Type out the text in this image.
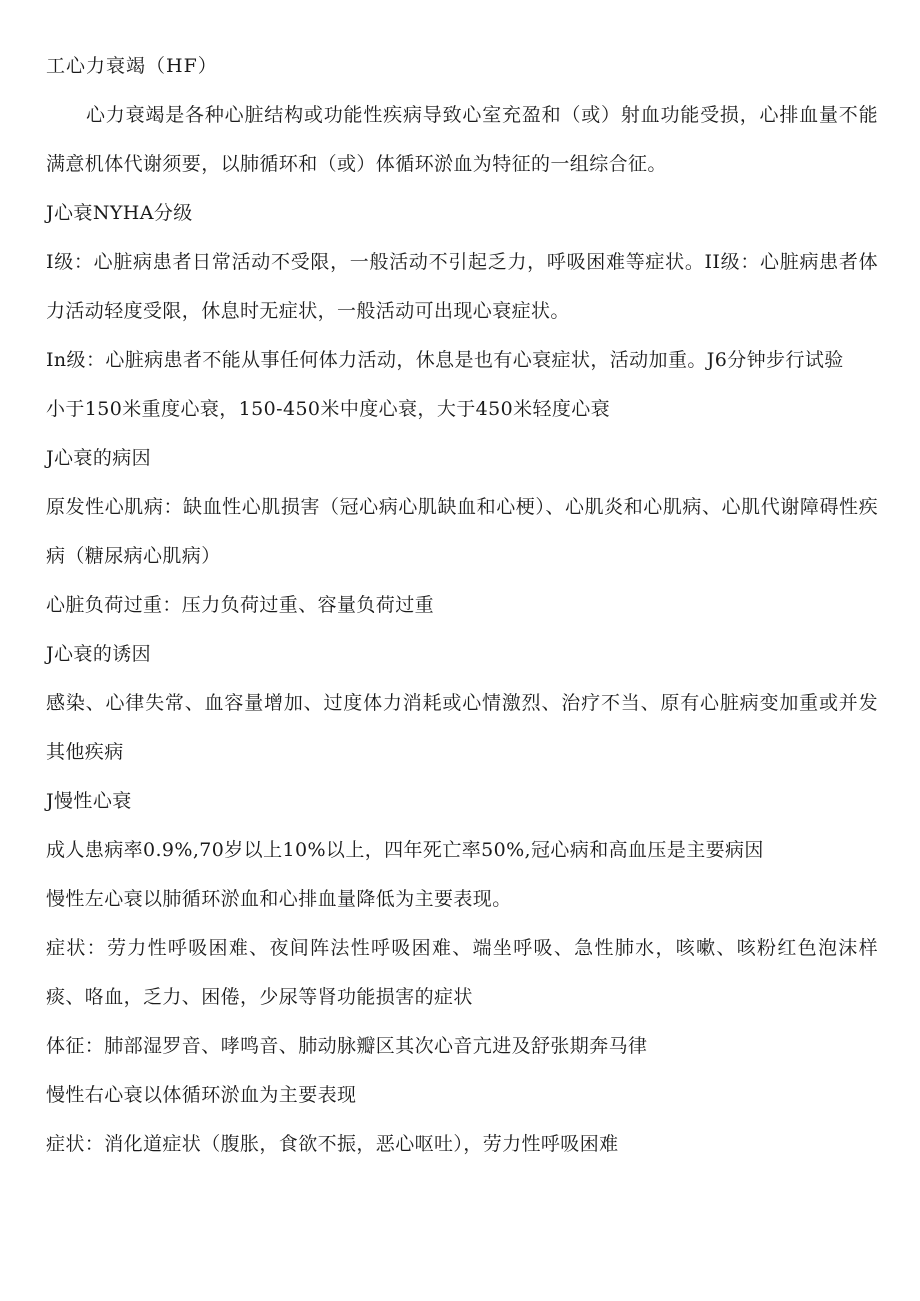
工心力衰竭（HF）

心力衰竭是各种心脏结构或功能性疾病导致心室充盈和（或）射血功能受损，心排血量不能满意机体代谢须要，以肺循环和（或）体循环淤血为特征的一组综合征。

J心衰NYHA分级

I级：心脏病患者日常活动不受限，一般活动不引起乏力，呼吸困难等症状。II级：心脏病患者体力活动轻度受限，休息时无症状，一般活动可出现心衰症状。

In级：心脏病患者不能从事任何体力活动，休息是也有心衰症状，活动加重。J6分钟步行试验

小于150米重度心衰，150-450米中度心衰，大于450米轻度心衰

J心衰的病因

原发性心肌病：缺血性心肌损害（冠心病心肌缺血和心梗）、心肌炎和心肌病、心肌代谢障碍性疾病（糖尿病心肌病）

心脏负荷过重：压力负荷过重、容量负荷过重

J心衰的诱因

感染、心律失常、血容量增加、过度体力消耗或心情激烈、治疗不当、原有心脏病变加重或并发其他疾病

J慢性心衰

成人患病率0.9%,70岁以上10%以上，四年死亡率50%,冠心病和高血压是主要病因

慢性左心衰以肺循环淤血和心排血量降低为主要表现。

症状：劳力性呼吸困难、夜间阵法性呼吸困难、端坐呼吸、急性肺水，咳嗽、咳粉红色泡沫样痰、咯血，乏力、困倦，少尿等肾功能损害的症状

体征：肺部湿罗音、哮鸣音、肺动脉瓣区其次心音亢进及舒张期奔马律

慢性右心衰以体循环淤血为主要表现

症状：消化道症状（腹胀，食欲不振，恶心呕吐），劳力性呼吸困难
